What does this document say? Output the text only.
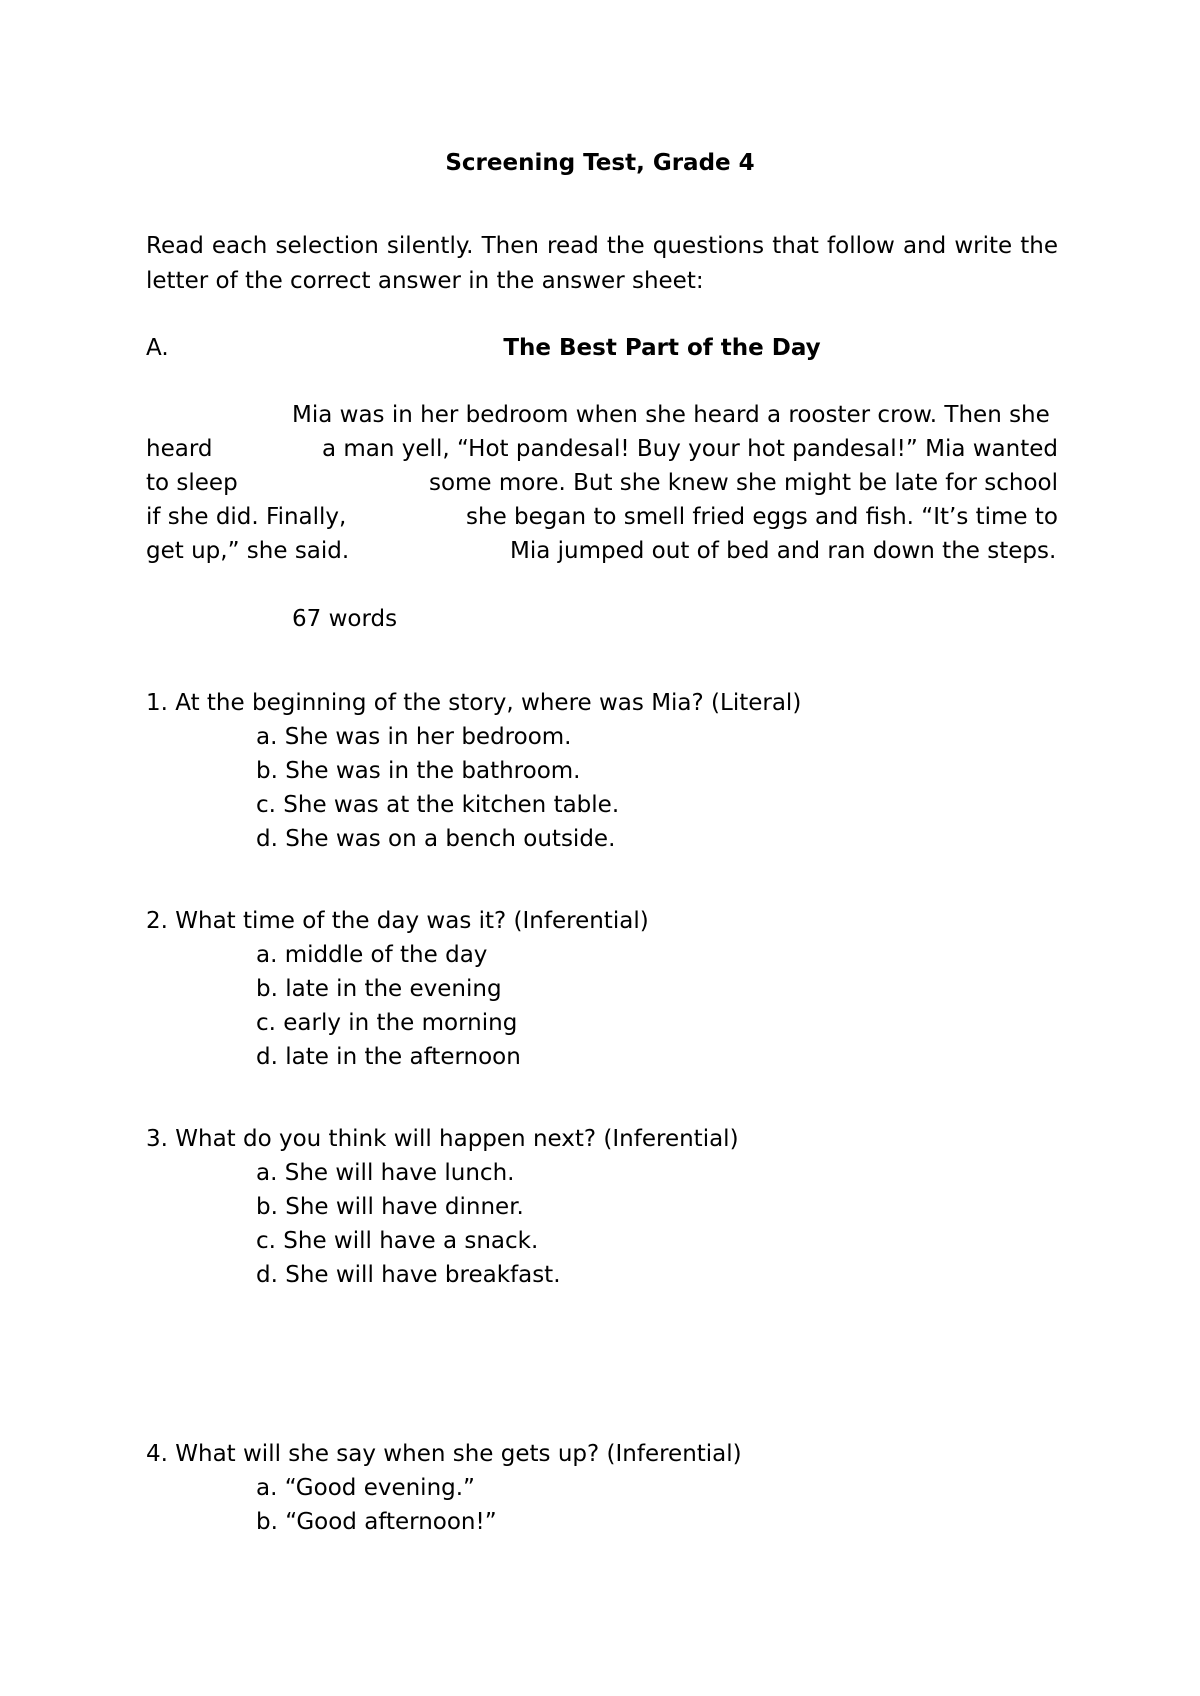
Screening Test, Grade 4
Read each selection silently. Then read the questions that follow and write the letter of the correct answer in the answer sheet:
A.	The Best Part of the Day
Mia was in her bedroom when she heard a rooster crow. Then she
heard	a man yell, “Hot pandesal! Buy your hot pandesal!” Mia wanted
to sleep	some more. But she knew she might be late for school
if she did. Finally,	she began to smell fried eggs and fish. “It’s time to
get up,” she said.	Mia jumped out of bed and ran down the steps.
67 words
1. At the beginning of the story, where was Mia? (Literal)
a. She was in her bedroom.
b. She was in the bathroom.
c. She was at the kitchen table.
d. She was on a bench outside.
2. What time of the day was it? (Inferential)
a. middle of the day
b. late in the evening
c. early in the morning
d. late in the afternoon
3. What do you think will happen next? (Inferential)
a. She will have lunch.
b. She will have dinner.
c. She will have a snack.
d. She will have breakfast.
4. What will she say when she gets up? (Inferential)
a. “Good evening.”
b. “Good afternoon!”
